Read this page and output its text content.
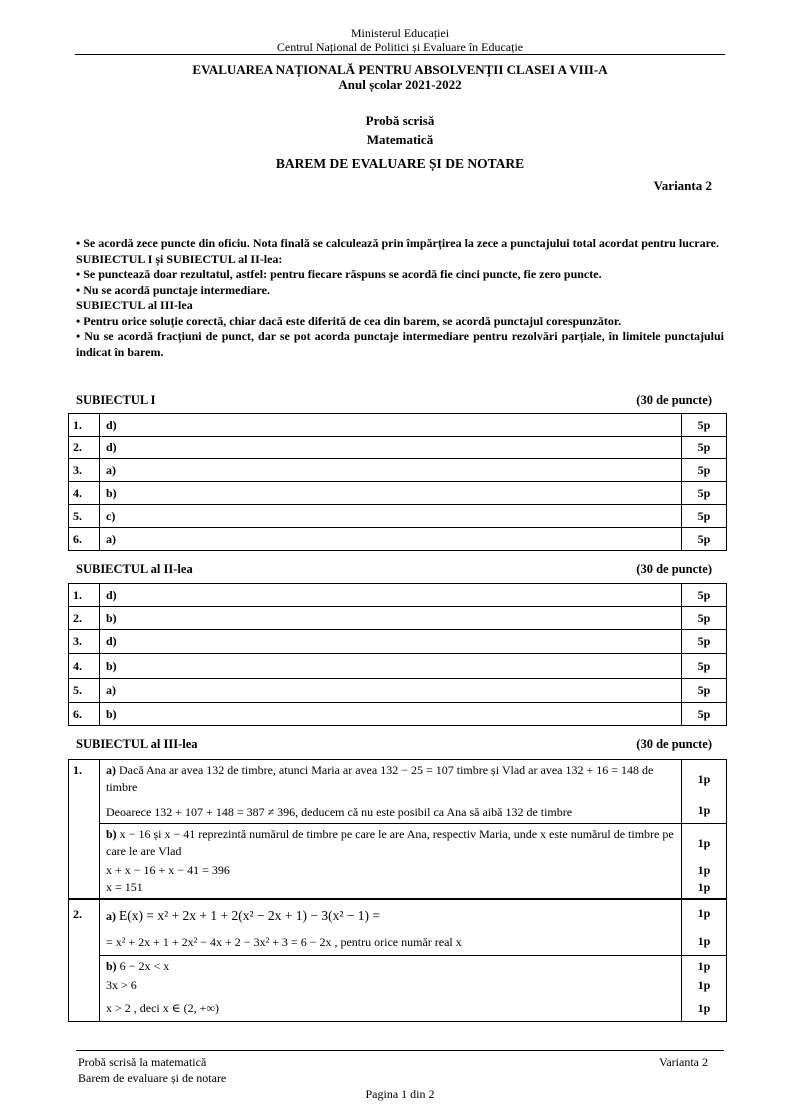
Ministerul Educației
Centrul Național de Politici și Evaluare în Educație
EVALUAREA NAȚIONALĂ PENTRU ABSOLVENȚII CLASEI A VIII-A
Anul școlar 2021-2022
Probă scrisă
Matematică
BAREM DE EVALUARE ȘI DE NOTARE
Varianta 2

• Se acordă zece puncte din oficiu. Nota finală se calculează prin împărțirea la zece a punctajului total acordat pentru lucrare.

SUBIECTUL I și SUBIECTUL al II-lea:

• Se punctează doar rezultatul, astfel: pentru fiecare răspuns se acordă fie cinci puncte, fie zero puncte.

• Nu se acordă punctaje intermediare.

SUBIECTUL al III-lea

• Pentru orice soluție corectă, chiar dacă este diferită de cea din barem, se acordă punctajul corespunzător.

• Nu se acordă fracțiuni de punct, dar se pot acorda punctaje intermediare pentru rezolvări parțiale, în limitele punctajului indicat în barem.

SUBIECTUL I	(30 de puncte)
1.	d)	5p
2.	d)	5p
3.	a)	5p
4.	b)	5p
5.	c)	5p
6.	a)	5p
SUBIECTUL al II-lea	(30 de puncte)
1.	d)	5p
2.	b)	5p
3.	d)	5p
4.	b)	5p
5.	a)	5p
6.	b)	5p
SUBIECTUL al III-lea	(30 de puncte)
1.	a) Dacă Ana ar avea 132 de timbre, atunci Maria ar avea 132 − 25 = 107 timbre și Vlad ar avea 132 + 16 = 148 de timbre	1p
	Deoarece 132 + 107 + 148 = 387 ≠ 396, deducem că nu este posibil ca Ana să aibă 132 de timbre	1p
	b) x − 16 și x − 41 reprezintă numărul de timbre pe care le are Ana, respectiv Maria, unde x este numărul de timbre pe care le are Vlad	1p
	x + x − 16 + x − 41 = 396	1p
	x = 151	1p
2.	a) E(x) = x² + 2x + 1 + 2(x² − 2x + 1) − 3(x² − 1) =	1p
	= x² + 2x + 1 + 2x² − 4x + 2 − 3x² + 3 = 6 − 2x , pentru orice număr real x	1p
	b) 6 − 2x < x	1p
	3x > 6	1p
	x > 2 , deci x ∈ (2, +∞)	1p
Probă scrisă la matematică
Barem de evaluare și de notare
Varianta 2
Pagina 1 din 2
